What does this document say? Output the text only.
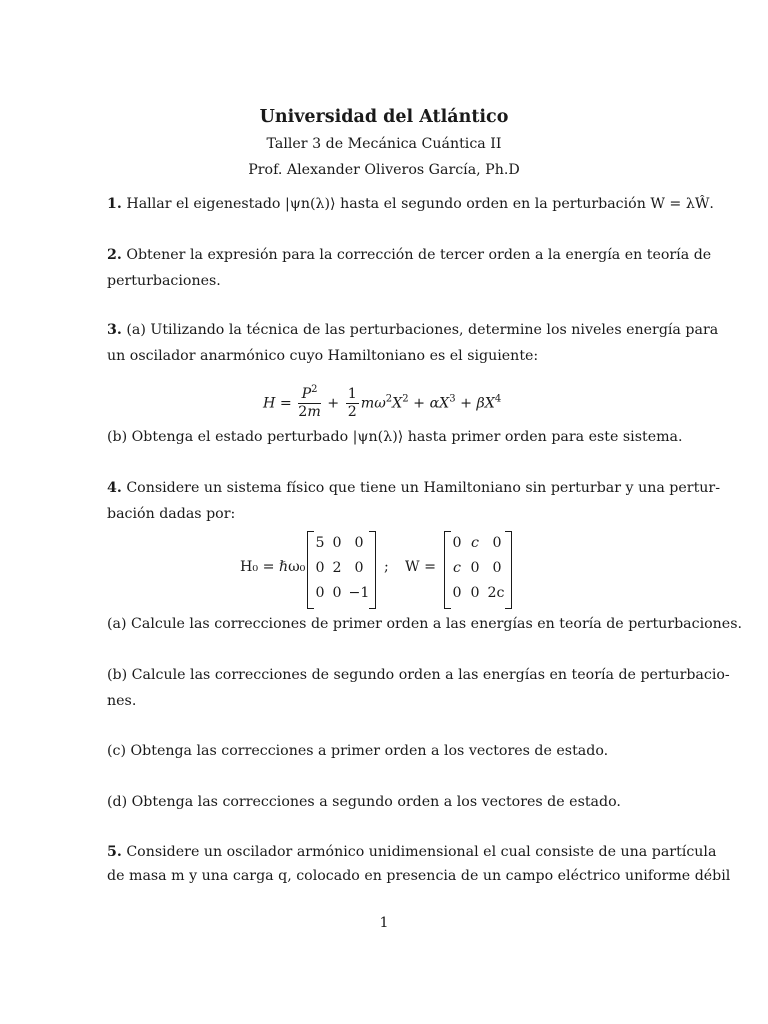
Universidad del Atlántico
Taller 3 de Mecánica Cuántica II
Prof. Alexander Oliveros García, Ph.D
1. Hallar el eigenestado |ψn(λ)⟩ hasta el segundo orden en la perturbación W = λŴ.
2. Obtener la expresión para la corrección de tercer orden a la energía en teoría de
perturbaciones.
3. (a) Utilizando la técnica de las perturbaciones, determine los niveles energía para
un oscilador anarmónico cuyo Hamiltoniano es el siguiente:
$H = \frac{P^2}{2m} + \frac{1}{2} m\omega^2X^2 + \alpha X^3 + \beta X^4$
(b) Obtenga el estado perturbado |ψn(λ)⟩ hasta primer orden para este sistema.
4. Considere un sistema físico que tiene un Hamiltoniano sin perturbar y una pertur-
bación dadas por:
H₀ = ℏω₀
5 0 0
0 2 0
0 0 −1
; W =
0 c 0
c 0 0
0 0 2c
(a) Calcule las correcciones de primer orden a las energías en teoría de perturbaciones.
(b) Calcule las correcciones de segundo orden a las energías en teoría de perturbacio-
nes.
(c) Obtenga las correcciones a primer orden a los vectores de estado.
(d) Obtenga las correcciones a segundo orden a los vectores de estado.
5. Considere un oscilador armónico unidimensional el cual consiste de una partícula
de masa m y una carga q, colocado en presencia de un campo eléctrico uniforme débil
1
